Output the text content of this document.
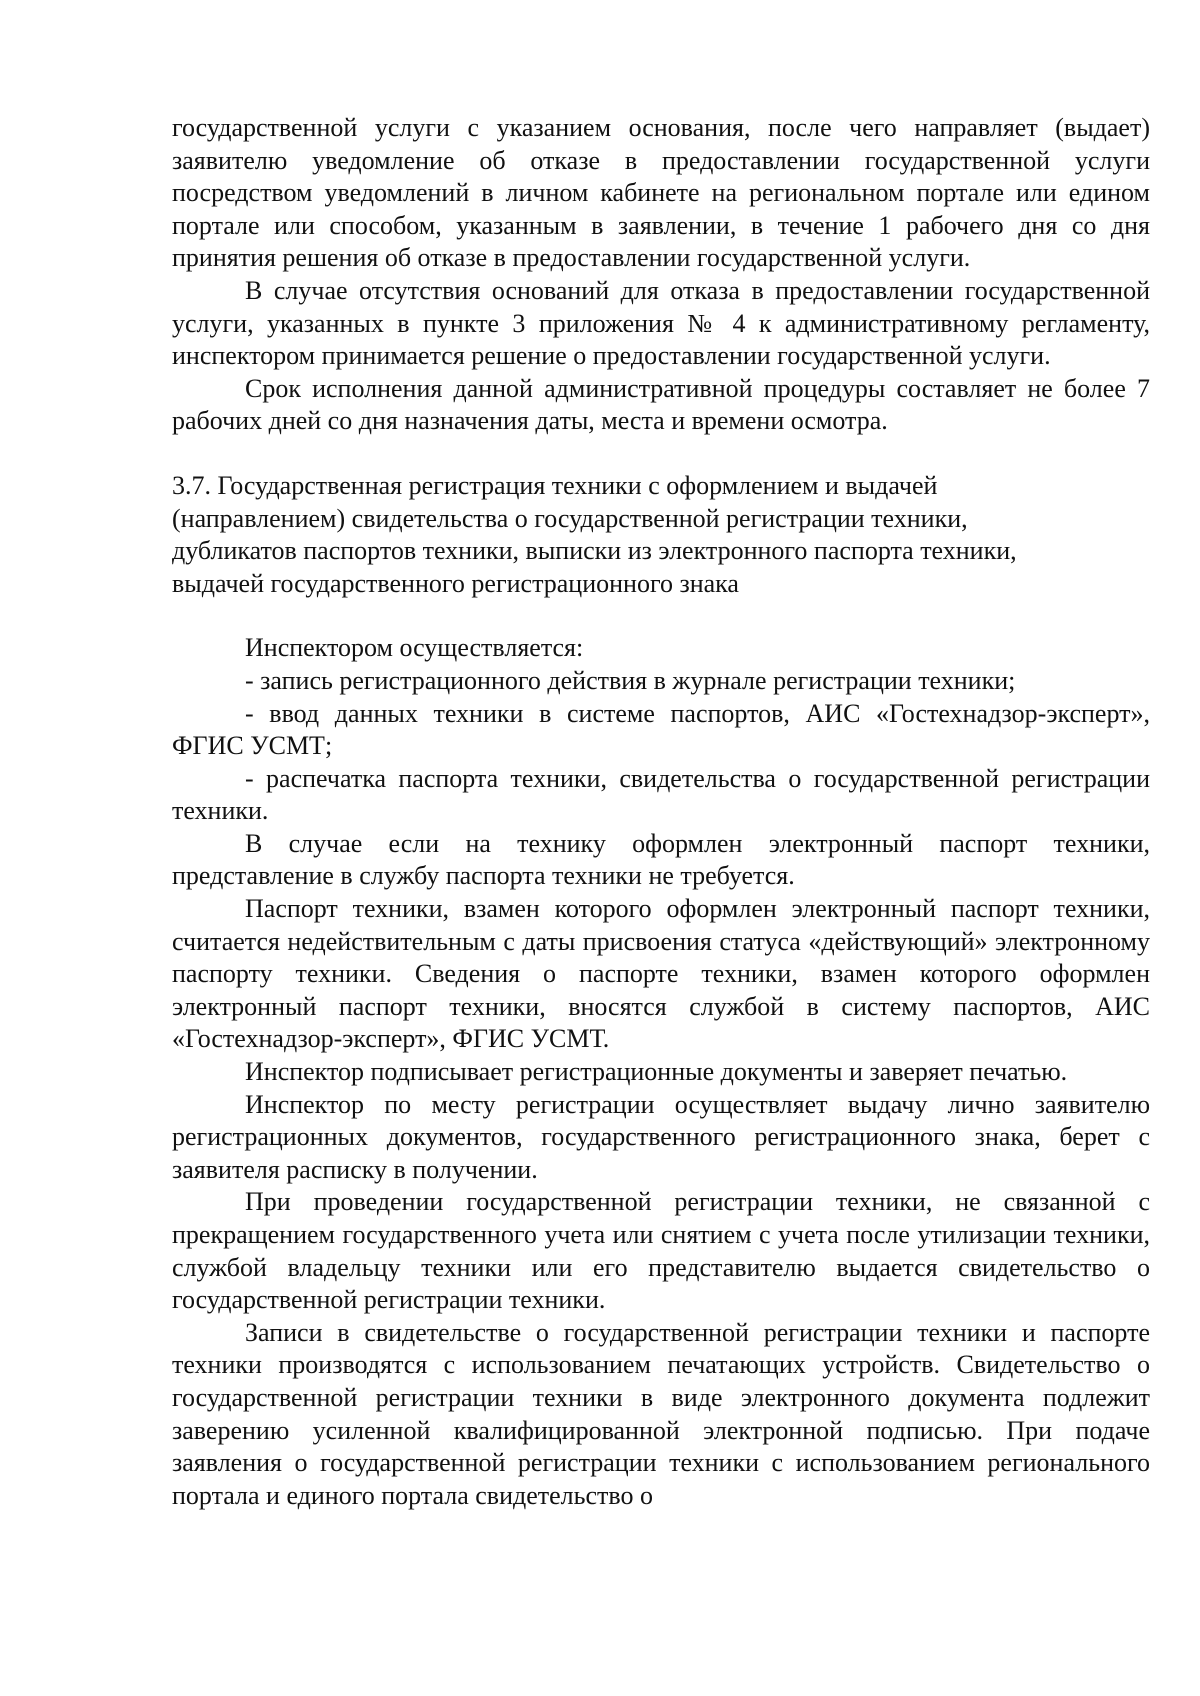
государственной услуги с указанием основания, после чего направляет (выдает) заявителю уведомление об отказе в предоставлении государственной услуги посредством уведомлений в личном кабинете на региональном портале или едином портале или способом, указанным в заявлении, в течение 1 рабочего дня со дня принятия решения об отказе в предоставлении государственной услуги.

В случае отсутствия оснований для отказа в предоставлении государственной услуги, указанных в пункте 3 приложения № 4 к административному регламенту, инспектором принимается решение о предоставлении государственной услуги.

Срок исполнения данной административной процедуры составляет не более 7 рабочих дней со дня назначения даты, места и времени осмотра.

3.7. Государственная регистрация техники с оформлением и выдачей
(направлением) свидетельства о государственной регистрации техники,
дубликатов паспортов техники, выписки из электронного паспорта техники,
выдачей государственного регистрационного знака

Инспектором осуществляется:

- запись регистрационного действия в журнале регистрации техники;

- ввод данных техники в системе паспортов, АИС «Гостехнадзор-эксперт», ФГИС УСМТ;

- распечатка паспорта техники, свидетельства о государственной регистрации техники.

В случае если на технику оформлен электронный паспорт техники, представление в службу паспорта техники не требуется.

Паспорт техники, взамен которого оформлен электронный паспорт техники, считается недействительным с даты присвоения статуса «действующий» электронному паспорту техники. Сведения о паспорте техники, взамен которого оформлен электронный паспорт техники, вносятся службой в систему паспортов, АИС «Гостехнадзор-эксперт», ФГИС УСМТ.

Инспектор подписывает регистрационные документы и заверяет печатью.

Инспектор по месту регистрации осуществляет выдачу лично заявителю регистрационных документов, государственного регистрационного знака, берет с заявителя расписку в получении.

При проведении государственной регистрации техники, не связанной с прекращением государственного учета или снятием с учета после утилизации техники, службой владельцу техники или его представителю выдается свидетельство о государственной регистрации техники.

Записи в свидетельстве о государственной регистрации техники и паспорте техники производятся с использованием печатающих устройств. Свидетельство о государственной регистрации техники в виде электронного документа подлежит заверению усиленной квалифицированной электронной подписью. При подаче заявления о государственной регистрации техники с использованием регионального портала и единого портала свидетельство о
